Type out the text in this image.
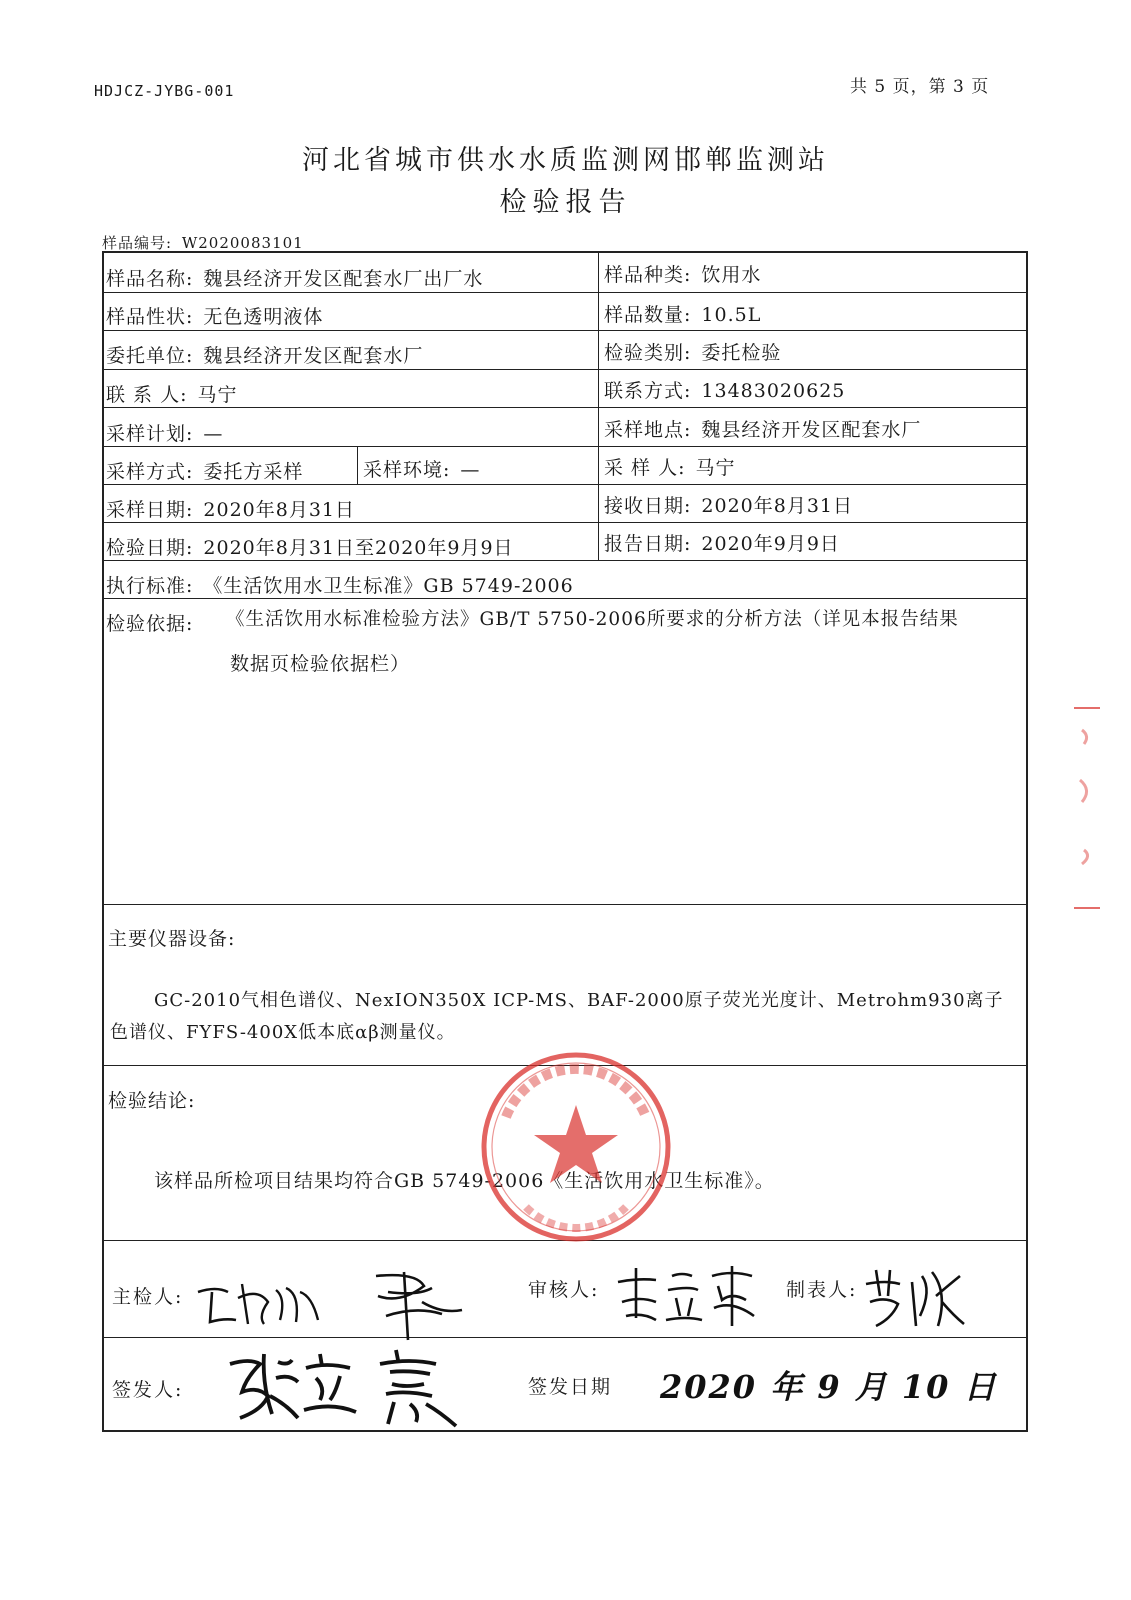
HDJCZ-JYBG-001	共 5 页，第 3 页
河北省城市供水水质监测网邯郸监测站
检验报告
样品编号: W2020083101
样品名称: 魏县经济开发区配套水厂出厂水	样品种类: 饮用水
样品性状: 无色透明液体	样品数量: 10.5L
委托单位: 魏县经济开发区配套水厂	检验类别: 委托检验
联 系 人: 马宁	联系方式: 13483020625
采样计划: —	采样地点: 魏县经济开发区配套水厂
采样方式: 委托方采样	采样环境: —	采 样 人: 马宁
采样日期: 2020年8月31日	接收日期: 2020年8月31日
检验日期: 2020年8月31日至2020年9月9日	报告日期: 2020年9月9日
执行标准: 《生活饮用水卫生标准》GB 5749-2006
检验依据: 《生活饮用水标准检验方法》GB/T 5750-2006所要求的分析方法（详见本报告结果
数据页检验依据栏）
主要仪器设备:
GC-2010气相色谱仪、NexION350X ICP-MS、BAF-2000原子荧光光度计、Metrohm930离子
色谱仪、FYFS-400X低本底αβ测量仪。
检验结论:
该样品所检项目结果均符合GB 5749-2006《生活饮用水卫生标准》。
主检人:	审核人:	制表人:
签发人:	签发日期 2020 年 9 月 10 日
